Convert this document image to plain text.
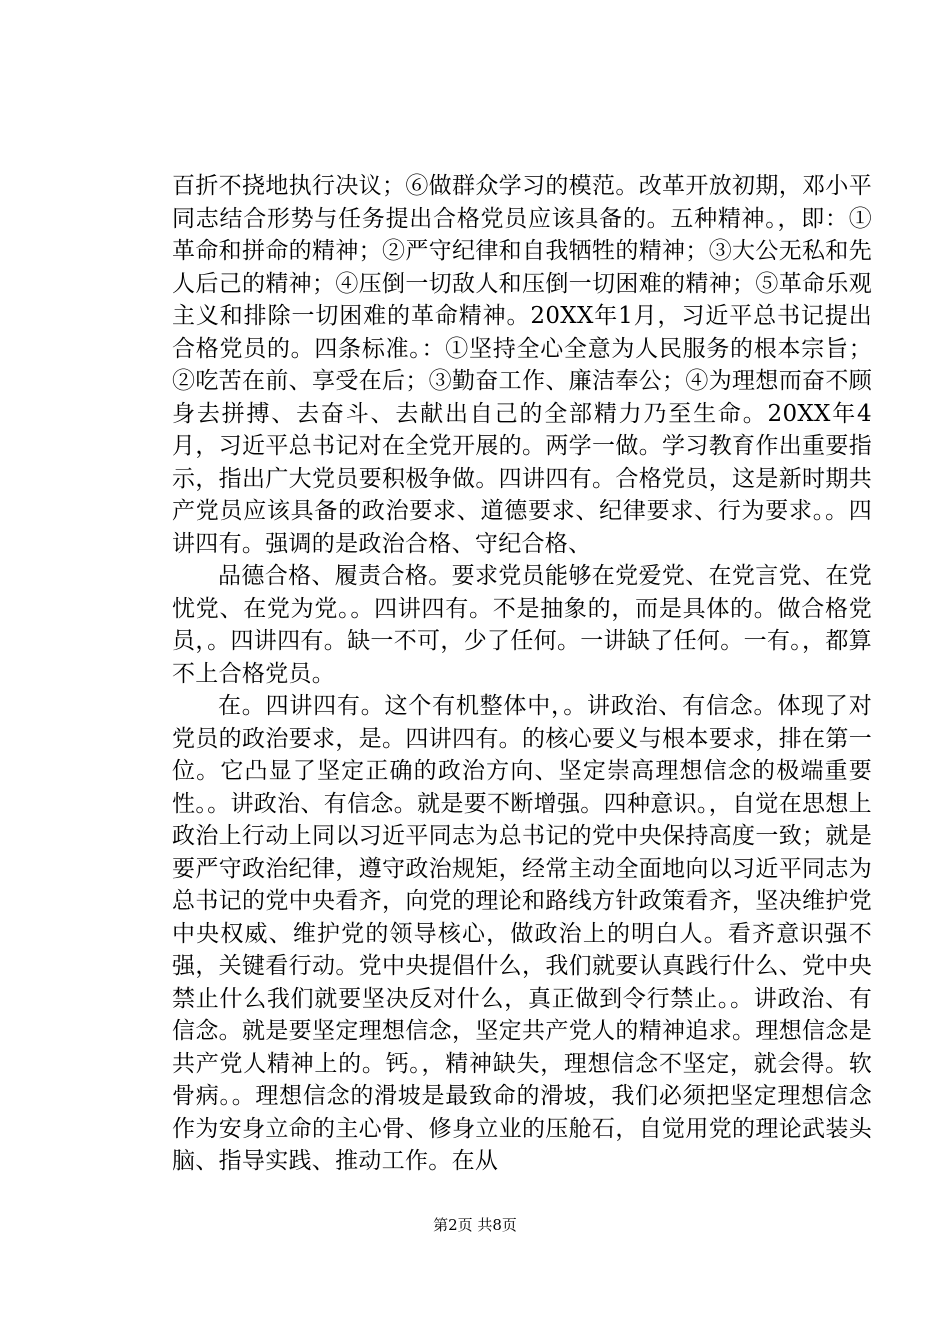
百折不挠地执行决议；⑥做群众学习的模范。改革开放初期，邓小平同志结合形势与任务提出合格党员应该具备的。五种精神。，即：①革命和拼命的精神；②严守纪律和自我牺牲的精神；③大公无私和先人后己的精神；④压倒一切敌人和压倒一切困难的精神；⑤革命乐观主义和排除一切困难的革命精神。20XX年1月，习近平总书记提出合格党员的。四条标准。：①坚持全心全意为人民服务的根本宗旨；②吃苦在前、享受在后；③勤奋工作、廉洁奉公；④为理想而奋不顾身去拼搏、去奋斗、去献出自己的全部精力乃至生命。20XX年4月，习近平总书记对在全党开展的。两学一做。学习教育作出重要指示，指出广大党员要积极争做。四讲四有。合格党员，这是新时期共产党员应该具备的政治要求、道德要求、纪律要求、行为要求。。四讲四有。强调的是政治合格、守纪合格、

品德合格、履责合格。要求党员能够在党爱党、在党言党、在党忧党、在党为党。。四讲四有。不是抽象的，而是具体的。做合格党员，。四讲四有。缺一不可，少了任何。一讲缺了任何。一有。，都算不上合格党员。

在。四讲四有。这个有机整体中，。讲政治、有信念。体现了对党员的政治要求，是。四讲四有。的核心要义与根本要求，排在第一位。它凸显了坚定正确的政治方向、坚定崇高理想信念的极端重要性。。讲政治、有信念。就是要不断增强。四种意识。，自觉在思想上政治上行动上同以习近平同志为总书记的党中央保持高度一致；就是要严守政治纪律，遵守政治规矩，经常主动全面地向以习近平同志为总书记的党中央看齐，向党的理论和路线方针政策看齐，坚决维护党中央权威、维护党的领导核心，做政治上的明白人。看齐意识强不强，关键看行动。党中央提倡什么，我们就要认真践行什么、党中央禁止什么我们就要坚决反对什么，真正做到令行禁止。。讲政治、有信念。就是要坚定理想信念，坚定共产党人的精神追求。理想信念是共产党人精神上的。钙。，精神缺失，理想信念不坚定，就会得。软骨病。。理想信念的滑坡是最致命的滑坡，我们必须把坚定理想信念作为安身立命的主心骨、修身立业的压舱石，自觉用党的理论武装头脑、指导实践、推动工作。在从

第2页 共8页
